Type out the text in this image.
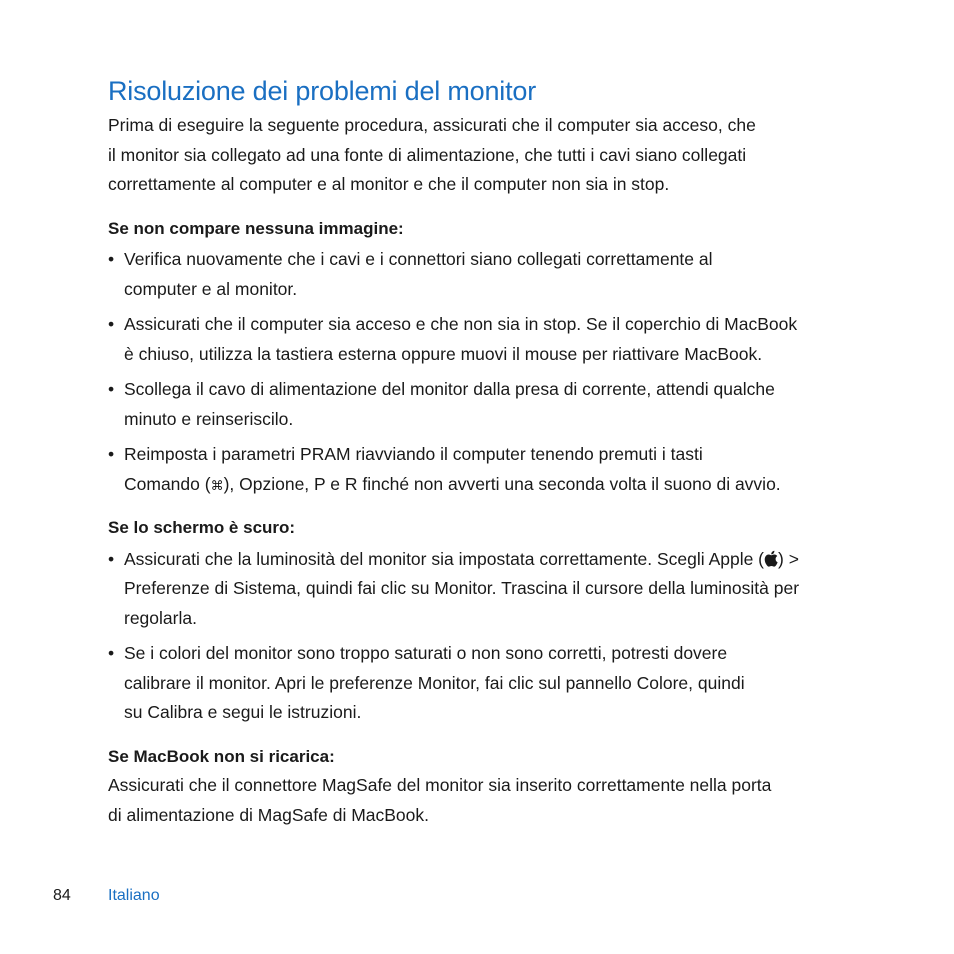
Risoluzione dei problemi del monitor

Prima di eseguire la seguente procedura, assicurati che il computer sia acceso, che
il monitor sia collegato ad una fonte di alimentazione, che tutti i cavi siano collegati
correttamente al computer e al monitor e che il computer non sia in stop.

Se non compare nessuna immagine:

• Verifica nuovamente che i cavi e i connettori siano collegati correttamente al
computer e al monitor.
• Assicurati che il computer sia acceso e che non sia in stop. Se il coperchio di MacBook
è chiuso, utilizza la tastiera esterna oppure muovi il mouse per riattivare MacBook.
• Scollega il cavo di alimentazione del monitor dalla presa di corrente, attendi qualche
minuto e reinseriscilo.
• Reimposta i parametri PRAM riavviando il computer tenendo premuti i tasti
Comando (⌘), Opzione, P e R finché non avverti una seconda volta il suono di avvio.

Se lo schermo è scuro:

• Assicurati che la luminosità del monitor sia impostata correttamente. Scegli Apple ( ) >
Preferenze di Sistema, quindi fai clic su Monitor. Trascina il cursore della luminosità per
regolarla.
• Se i colori del monitor sono troppo saturati o non sono corretti, potresti dovere
calibrare il monitor. Apri le preferenze Monitor, fai clic sul pannello Colore, quindi
su Calibra e segui le istruzioni.

Se MacBook non si ricarica:

Assicurati che il connettore MagSafe del monitor sia inserito correttamente nella porta
di alimentazione di MagSafe di MacBook.

84 Italiano
